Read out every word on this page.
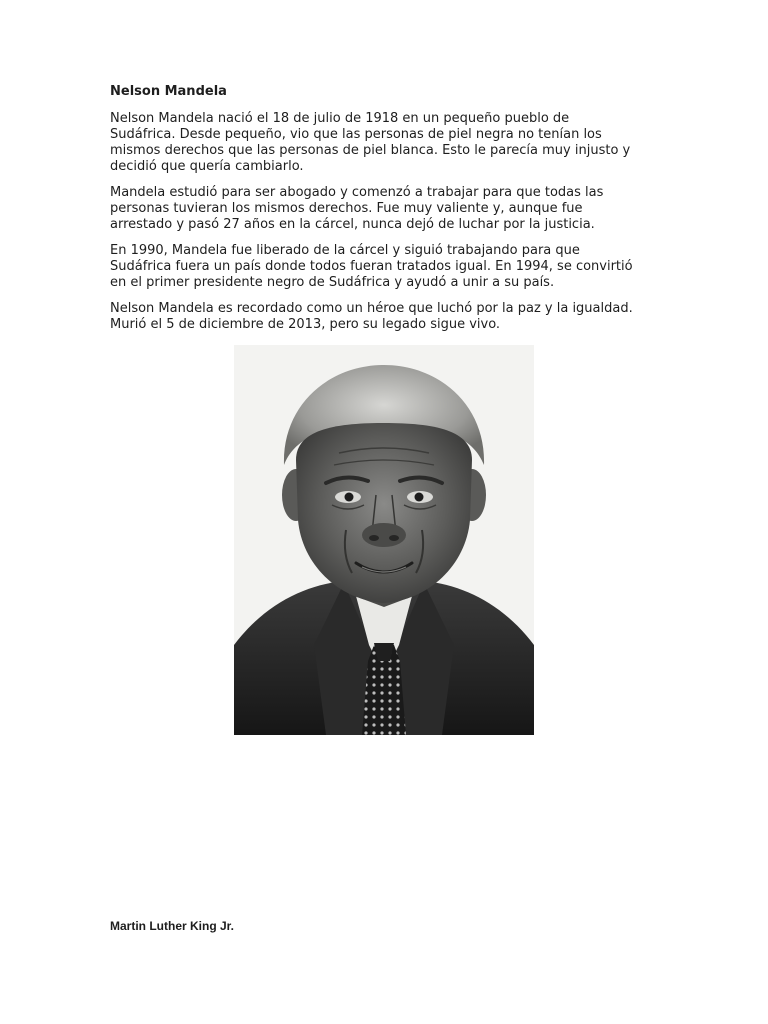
Nelson Mandela

Nelson Mandela nació el 18 de julio de 1918 en un pequeño pueblo de
Sudáfrica. Desde pequeño, vio que las personas de piel negra no tenían los
mismos derechos que las personas de piel blanca. Esto le parecía muy injusto y
decidió que quería cambiarlo.

Mandela estudió para ser abogado y comenzó a trabajar para que todas las
personas tuvieran los mismos derechos. Fue muy valiente y, aunque fue
arrestado y pasó 27 años en la cárcel, nunca dejó de luchar por la justicia.

En 1990, Mandela fue liberado de la cárcel y siguió trabajando para que
Sudáfrica fuera un país donde todos fueran tratados igual. En 1994, se convirtió
en el primer presidente negro de Sudáfrica y ayudó a unir a su país.

Nelson Mandela es recordado como un héroe que luchó por la paz y la igualdad.
Murió el 5 de diciembre de 2013, pero su legado sigue vivo.

Martin Luther King Jr.
